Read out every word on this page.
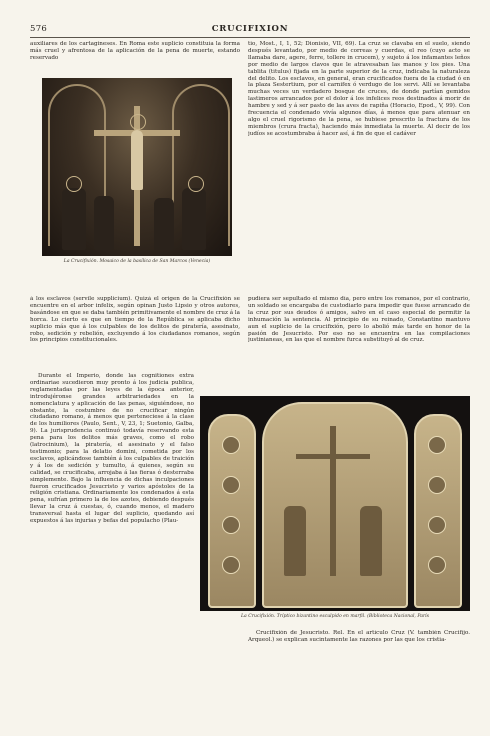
576	CRUCIFIXION

auxiliares de los cartagineses. En Roma este suplicio constituía la forma más cruel y afrentosa de la aplicación de la pena de muerte, estando reservado

La Crucifixión. Mosaico de la basílica de San Marcos (Venecia)

tio, Most., I, 1, 52; Dionisio, VII, 69). La cruz se clavaba en el suelo, siendo después levantado, por medio de correas y cuerdas, el reo (cuyo acto se llamaba dare, agere, ferre, tollere in crucem), y sujeto á los infamantes leños por medio de largos clavos que le atravesaban las manos y los pies. Una tablita (titulus) fijada en la parte superior de la cruz, indicaba la naturaleza del delito. Los esclavos, en general, eran crucificados fuera de la ciudad ó en la plaza Sestertium, por el carnifex ó verdugo de los servi. Allí se levantaba muchas veces un verdadero bosque de cruces, de donde partían gemidos lastimeros arrancados por el dolor á los infelices reos destinados á morir de hambre y sed y á ser pasto de las aves de rapiña (Horacio, Epod., V, 99). Con frecuencia el condenado vivía algunos días, á menos que para atenuar en algo el cruel rigorismo de la pena, se hubiese prescrito la fractura de los miembros (crura fracta), haciendo más inmediata la muerte. Al decir de los judíos se acostumbraba á hacer así, á fin de que el cadáver

á los esclavos (servile supplicium). Quizá el origen de la Crucifixión se encuentre en el arbor infelix, según opinan Justo Lipsio y otros autores, basándose en que se daba también primitivamente el nombre de cruz á la horca. Lo cierto es que en tiempo de la República se aplicaba dicho suplicio más que á los culpables de los delitos de piratería, asesinato, robo, sedición y rebelión, excluyendo á los ciudadanos romanos, según los principios constitucionales.

pudiera ser sepultado el mismo día, pero entre los romanos, por el contrario, un soldado se encargaba de custodiarlo para impedir que fuese arrancado de la cruz por sus deudos ó amigos, salvo en el caso especial de permitir la inhumación la sentencia. Al principio de su reinado, Constantino mantuvo aun el suplicio de la crucifixión, pero lo abolió más tarde en honor de la pasión de Jesucristo. Por eso no se encuentra en las compilaciones justinianeas, en las que el nombre furca substituyó al de cruz.

Durante el Imperio, donde las cognitiones extra ordinariae sucedieron muy pronto á los judicia publica, reglamentadas por las leyes de la época anterior, introdujéronse grandes arbitrariedades en la nomenclatura y aplicación de las penas, siguiéndose, no obstante, la costumbre de no crucificar ningún ciudadano romano, á menos que perteneciese á la clase de los humiliores (Paulo, Sent., V, 23, 1; Suetonio, Galba, 9). La jurisprudencia continuó todavía reservando esta pena para los delitos más graves, como el robo (latrocinium), la piratería, el asesinato y el falso testimonio; para la delatio domini, cometida por los esclavos, aplicándose también á los culpables de traición y á los de sedición y tumulto, á quienes, según su calidad, se crucificaba, arrojaba á las fieras ó desterraba simplemente. Bajo la influencia de dichas inculpaciones fueron crucificados Jesucristo y varios apóstoles de la religión cristiana. Ordinariamente los condenados á esta pena, sufrían primero la de los azotes, debiendo después llevar la cruz á cuestas, ó, cuando menos, el madero transversal hasta el lugar del suplicio, quedando así expuestos á las injurias y befas del populacho (Plau-

La Crucifixión. Tríptico bizantino esculpido en marfil. (Biblioteca Nacional, París

Crucifixión de Jesucristo. Rel. En el artículo Cruz (V. también Crucifijo. Arqueol.) se explican sucintamente las razones por las que los cristia-
